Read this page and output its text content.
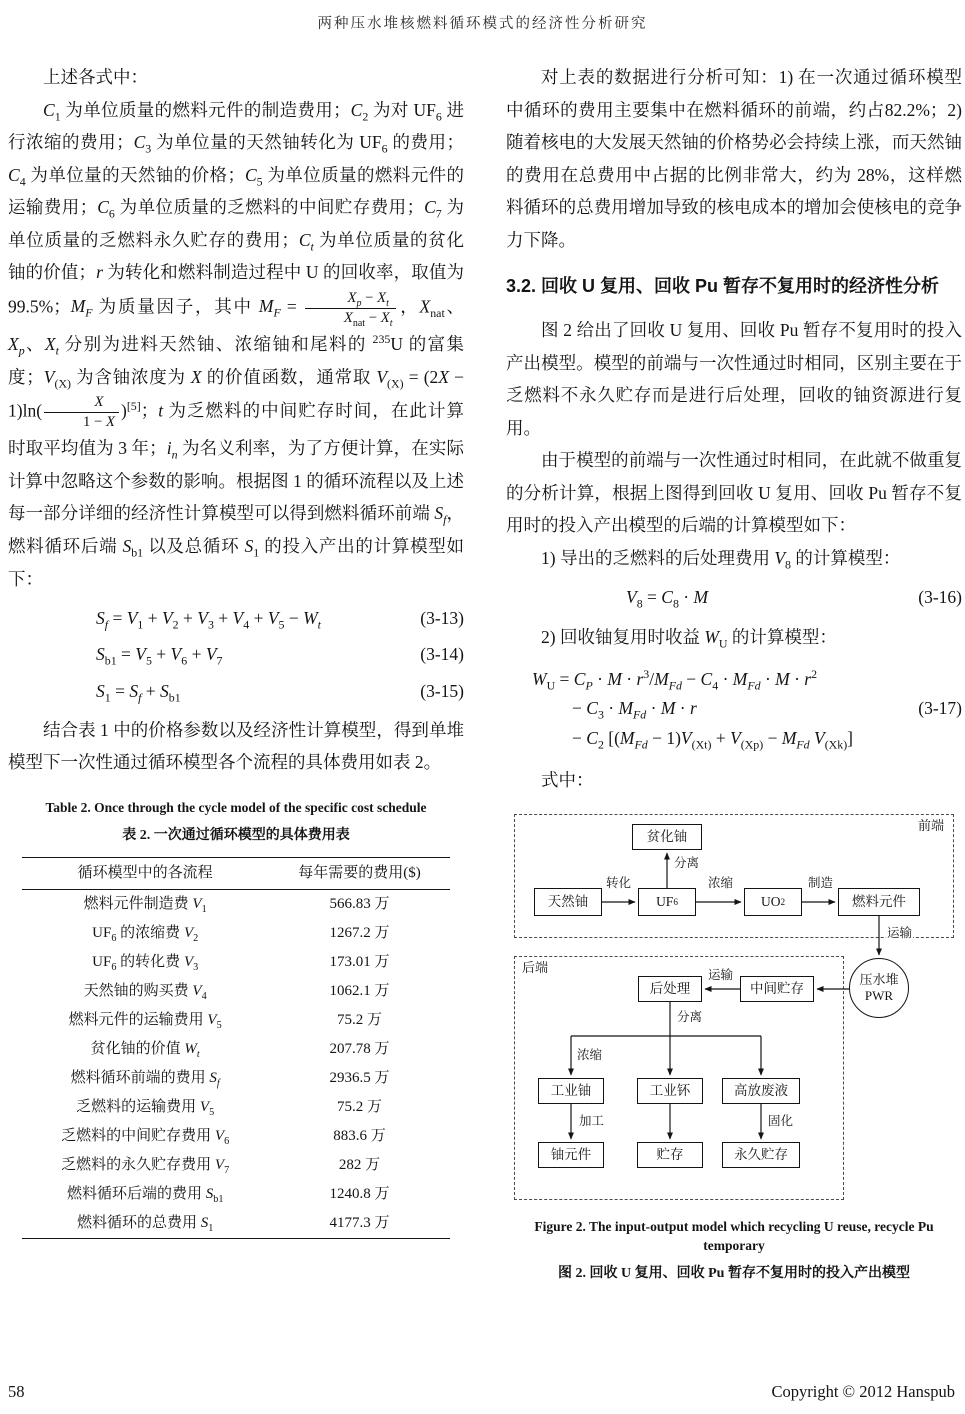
两种压水堆核燃料循环模式的经济性分析研究

上述各式中：

$C_1$ 为单位质量的燃料元件的制造费用；$C_2$ 为对 $UF_6$ 进行浓缩的费用；$C_3$ 为单位量的天然铀转化为 $UF_6$ 的费用；$C_4$ 为单位量的天然铀的价格；$C_5$ 为单位质量的燃料元件的运输费用；$C_6$ 为单位质量的乏燃料的中间贮存费用；$C_7$ 为单位质量的乏燃料永久贮存的费用；$C_t$ 为单位质量的贫化铀的价值；r 为转化和燃料制造过程中 U 的回收率，取值为 99.5%；$M_F$ 为质量因子，其中 $M_F = \frac{X_p - X_t}{X_{nat} - X_t}$ ，$X_{nat}$、$X_p$、$X_t$ 分别为进料天然铀、浓缩铀和尾料的 $^{235}$U 的富集度；$V_{(X)}$ 为含铀浓度为 X 的价值函数，通常取 $V_{(X)} = (2X - 1)\ln( \frac{X}{1 - X} )[5]$；t 为乏燃料的中间贮存时间，在此计算时取平均值为 3 年；$i_n$ 为名义利率，为了方便计算，在实际计算中忽略这个参数的影响。根据图 1 的循环流程以及上述每一部分详细的经济性计算模型可以得到燃料循环前端 $S_f$，燃料循环后端 $S_{b1}$ 以及总循环 $S_1$ 的投入产出的计算模型如下：

$S_f = V_1 + V_2 + V_3 + V_4 + V_5 - W_t$	(3-13)
$S_{b1} = V_5 + V_6 + V_7$	(3-14)
$S_1 = S_f + S_{b1}$	(3-15)

结合表 1 中的价格参数以及经济性计算模型，得到单堆模型下一次性通过循环模型各个流程的具体费用如表 2。

Table 2. Once through the cycle model of the specific cost schedule
表 2. 一次通过循环模型的具体费用表
循环模型中的各流程	每年需要的费用($)
燃料元件制造费 $V_1$	566.83 万
$UF_6$ 的浓缩费 $V_2$	1267.2 万
$UF_6$ 的转化费 $V_3$	173.01 万
天然铀的购买费 $V_4$	1062.1 万
燃料元件的运输费用 $V_5$	75.2 万
贫化铀的价值 $W_t$	207.78 万
燃料循环前端的费用 $S_f$	2936.5 万
乏燃料的运输费用 $V_5$	75.2 万
乏燃料的中间贮存费用 $V_6$	883.6 万
乏燃料的永久贮存费用 $V_7$	282 万
燃料循环后端的费用 $S_{b1}$	1240.8 万
燃料循环的总费用 $S_1$	4177.3 万

对上表的数据进行分析可知：1) 在一次通过循环模型中循环的费用主要集中在燃料循环的前端，约占82.2%；2) 随着核电的大发展天然铀的价格势必会持续上涨，而天然铀的费用在总费用中占据的比例非常大，约为 28%，这样燃料循环的总费用增加导致的核电成本的增加会使核电的竞争力下降。

3.2. 回收 U 复用、回收 Pu 暂存不复用时的经济性分析

图 2 给出了回收 U 复用、回收 Pu 暂存不复用时的投入产出模型。模型的前端与一次性通过时相同，区别主要在于乏燃料不永久贮存而是进行后处理，回收的铀资源进行复用。

由于模型的前端与一次性通过时相同，在此就不做重复的分析计算，根据上图得到回收 U 复用、回收 Pu 暂存不复用时的投入产出模型的后端的计算模型如下：

1) 导出的乏燃料的后处理费用 $V_8$ 的计算模型：

$V_8 = C_8 \cdot M$	(3-16)

2) 回收铀复用时收益 $W_U$ 的计算模型：

$W_U = C_P \cdot M \cdot r^3/M_{Fd} - C_4 \cdot M_{Fd} \cdot M \cdot r^2$
− $C_3 \cdot M_{Fd} \cdot M \cdot r$
− $C_2$ [$(M_{Fd} - 1)V_{(Xt)} + V_{(Xp)} - M_{Fd}$ $V_{(Xk)}$]
(3-17)

式中：

前端
后端
贫化铀
天然铀	UF 6	UO 2	燃料元件
压水堆
PWR
中间贮存
后处理
工业铀	工业钚	高放废液
铀元件	贮存	永久贮存
转化	浓缩	制造
分离
运输
运输
分离
浓缩
加工	固化
Figure 2. The input-output model which recycling U reuse, recycle Pu temporary
图 2. 回收 U 复用、回收 Pu 暂存不复用时的投入产出模型
58	Copyright © 2012 Hanspub
